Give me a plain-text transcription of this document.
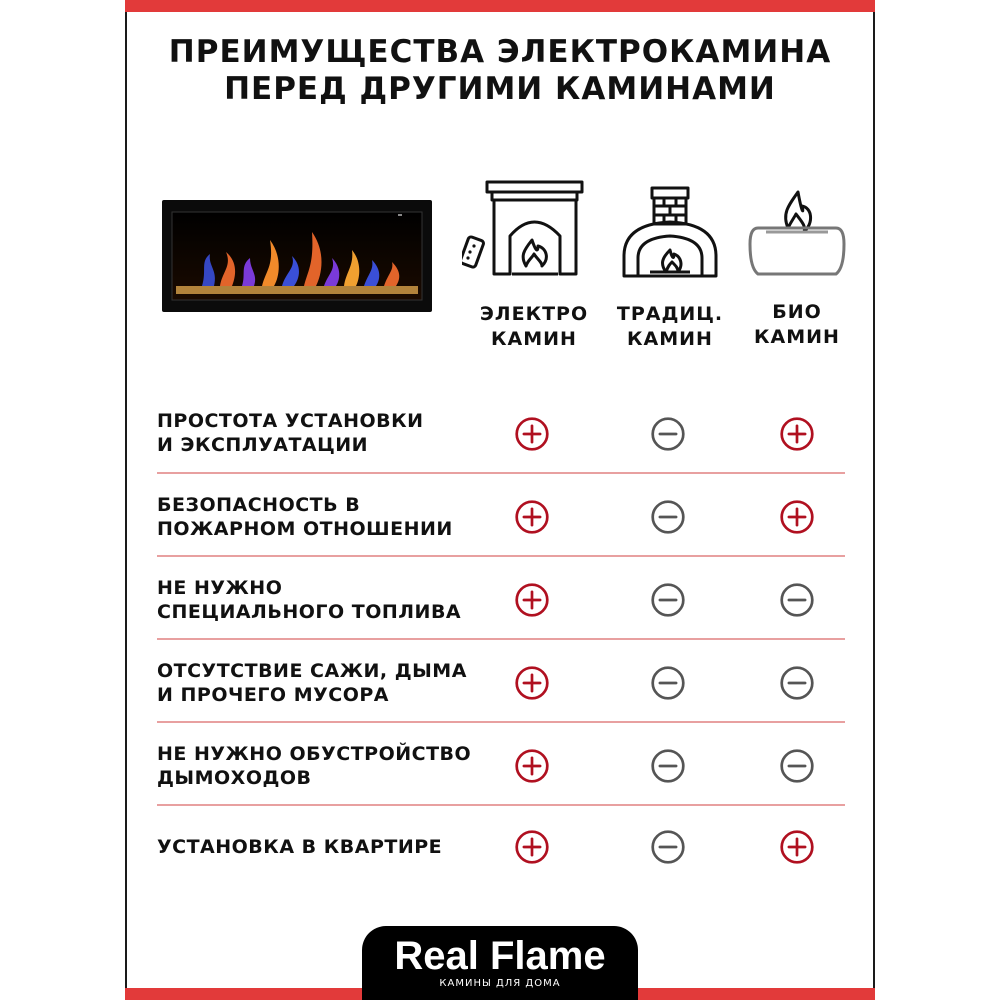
ПРЕИМУЩЕСТВА ЭЛЕКТРОКАМИНА
ПЕРЕД ДРУГИМИ КАМИНАМИ
ЭЛЕКТРО
КАМИН
ТРАДИЦ.
КАМИН
БИО
КАМИН
ПРОСТОТА УСТАНОВКИ
И ЭКСПЛУАТАЦИИ
БЕЗОПАСНОСТЬ В
ПОЖАРНОМ ОТНОШЕНИИ
НЕ НУЖНО
СПЕЦИАЛЬНОГО ТОПЛИВА
ОТСУТСТВИЕ САЖИ, ДЫМА
И ПРОЧЕГО МУСОРА
НЕ НУЖНО ОБУСТРОЙСТВО
ДЫМОХОДОВ
УСТАНОВКА В КВАРТИРЕ
Real Flame
КАМИНЫ ДЛЯ ДОМА
